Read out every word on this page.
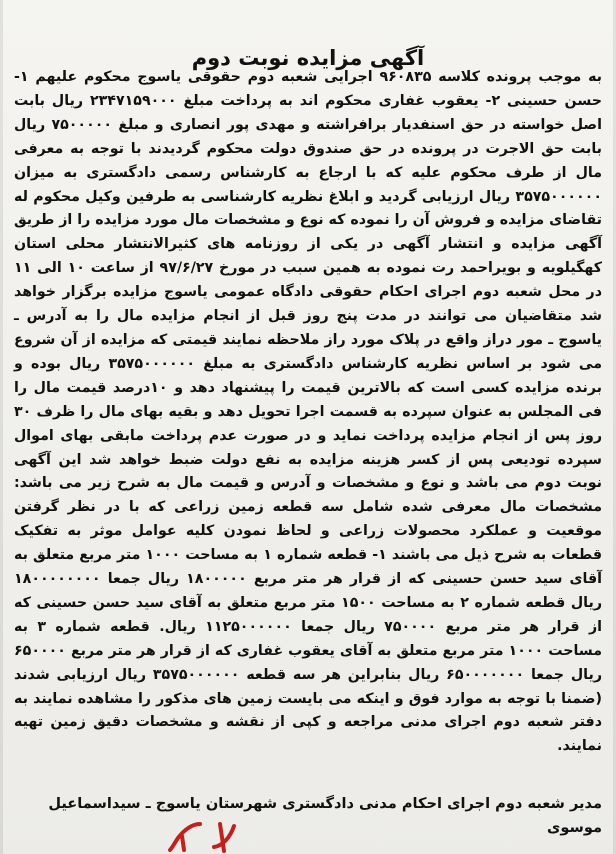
آگهی مزایده نوبت دوم
به موجب پرونده کلاسه ۹۶۰۸۳۵ اجرایی شعبه دوم حقوقی یاسوج محکوم علیهم ۱- حسن حسینی ۲- یعقوب غفاری محکوم اند به پرداخت مبلغ ۲۳۴۷۱۵۹۰۰۰ ریال بابت اصل خواسته در حق اسنفدیار برافراشته و مهدی پور انصاری و مبلغ ۷۵۰۰۰۰۰ ریال بابت حق الاجرت در پرونده در حق صندوق دولت محکوم گردیدند با توجه به معرفی مال از طرف محکوم علیه که با ارجاع به کارشناس رسمی دادگستری به میزان ۳۵۷۵۰۰۰۰۰۰ ریال ارزیابی گردید و ابلاغ نظریه کارشناسی به طرفین وکیل محکوم له تقاضای مزایده و فروش آن را نموده که نوع و مشخصات مال مورد مزایده را از طریق آگهی مزایده و انتشار آگهی در یکی از روزنامه های کثیرالانتشار محلی استان کهگیلویه و بویراحمد رت نموده به همین سبب در مورخ ۹۷/۶/۲۷ از ساعت ۱۰ الی ۱۱ در محل شعبه دوم اجرای احکام حقوقی دادگاه عمومی یاسوج مزایده برگزار خواهد شد متقاضیان می توانند در مدت پنج روز قبل از انجام مزایده مال را به آدرس ـ یاسوج ـ مور دراز واقع در پلاک مورد راز ملاحظه نمایند قیمتی که مزایده از آن شروع می شود بر اساس نظریه کارشناس دادگستری به مبلغ ۳۵۷۵۰۰۰۰۰۰ ریال بوده و برنده مزایده کسی است که بالاترین قیمت را پیشنهاد دهد و ۱۰درصد قیمت مال را فی المجلس به عنوان سپرده به قسمت اجرا تحویل دهد و بقیه بهای مال را ظرف ۳۰ روز پس از انجام مزایده پرداخت نماید و در صورت عدم پرداخت مابقی بهای اموال سپرده تودیعی پس از کسر هزینه مزایده به نفع دولت ضبط خواهد شد این آگهی نوبت دوم می باشد و نوع و مشخصات و آدرس و قیمت مال به شرح زیر می باشد: مشخصات مال معرفی شده شامل سه قطعه زمین زراعی که با در نظر گرفتن موقعیت و عملکرد محصولات زراعی و لحاظ نمودن کلیه عوامل موثر به تفکیک قطعات به شرح ذیل می باشند ۱- قطعه شماره ۱ به مساحت ۱۰۰۰ متر مربع متعلق به آقای سید حسن حسینی که از قرار هر متر مربع ۱۸۰۰۰۰۰ ریال جمعا ۱۸۰۰۰۰۰۰۰۰ ریال قطعه شماره ۲ به مساحت ۱۵۰۰ متر مربع متعلق به آقای سید حسن حسینی که از قرار هر متر مربع ۷۵۰۰۰۰ ریال جمعا ۱۱۲۵۰۰۰۰۰۰ ریال. قطعه شماره ۳ به مساحت ۱۰۰۰ متر مربع متعلق به آقای یعقوب غفاری که از قرار هر متر مربع ۶۵۰۰۰۰ ریال جمعا ۶۵۰۰۰۰۰۰۰ ریال بنابراین هر سه قطعه ۳۵۷۵۰۰۰۰۰۰ ریال ارزیابی شدند (ضمنا با توجه به موارد فوق و اینکه می بایست زمین های مذکور را مشاهده نمایند به دفتر شعبه دوم اجرای مدنی مراجعه و کپی از نقشه و مشخصات دقیق زمین تهیه نمایند.
مدیر شعبه دوم اجرای احکام مدنی دادگستری شهرستان یاسوج ـ سیداسماعیل
موسوی
